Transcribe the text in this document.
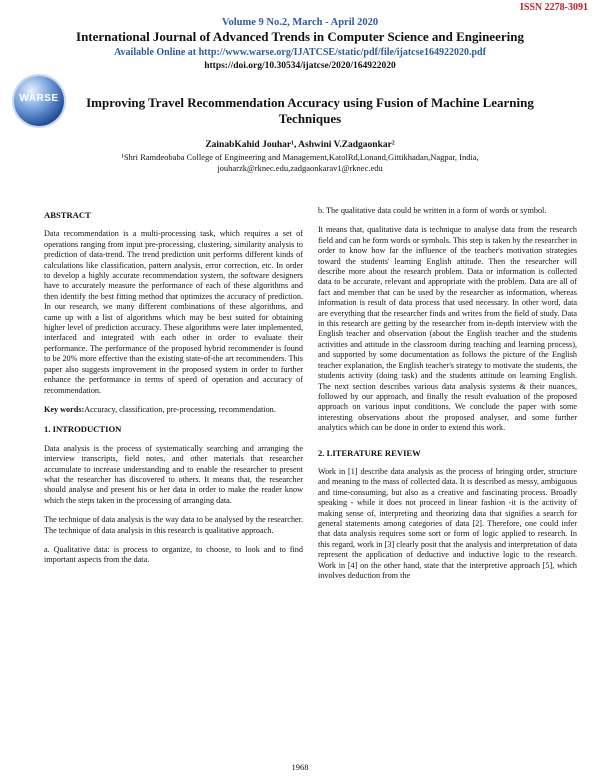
ISSN 2278-3091
Volume 9 No.2, March - April 2020
International Journal of Advanced Trends in Computer Science and Engineering
Available Online at http://www.warse.org/IJATCSE/static/pdf/file/ijatcse164922020.pdf
https://doi.org/10.30534/ijatcse/2020/164922020
WARSE	Improving Travel Recommendation Accuracy using Fusion of Machine Learning Techniques
ZainabKahid Jouhar¹, Ashwini V.Zadgaonkar²
¹Shri Ramdeobaba College of Engineering and Management,KatolRd,Lonand,Gittikhadan,Nagpar, India,
jouharzk@rknec.edu,zadgaonkarav1@rknec.edu
ABSTRACT

Data recommendation is a multi-processing task, which requires a set of operations ranging from input pre-processing, clustering, similarity analysis to prediction of data-trend. The trend prediction unit performs different kinds of calculations like classification, pattern analysis, error correction, etc. In order to develop a highly accurate recommendation system, the software designers have to accurately measure the performance of each of these algorithms and then identify the best fitting method that optimizes the accuracy of prediction. In our research, we many different combinations of these algorithms, and came up with a list of algorithms which may be best suited for obtaining higher level of prediction accuracy. These algorithms were later implemented, interfaced and integrated with each other in order to evaluate their performance. The performance of the proposed hybrid recommender is found to be 20% more effective than the existing state-of-the art recommenders. This paper also suggests improvement in the proposed system in order to further enhance the performance in terms of speed of operation and accuracy of recommendation.

Key words:Accuracy, classification, pre-processing, recommendation.

1. INTRODUCTION

Data analysis is the process of systematically searching and arranging the interview transcripts, field notes, and other materials that researcher accumulate to increase understanding and to enable the researcher to present what the researcher has discovered to others. It means that, the researcher should analyse and present his or her data in order to make the reader know which the steps taken in the processing of arranging data.

The technique of data analysis is the way data to be analysed by the researcher. The technique of data analysis in this research is qualitative approach.

a. Qualitative data: is process to organize, to choose, to look and to find important aspects from the data.

b. The qualitative data could be written in a form of words or symbol.

It means that, qualitative data is technique to analyse data from the research field and can be form words or symbols. This step is taken by the researcher in order to know how far the influence of the teacher's motivation strategies toward the students' learning English attitude. Then the researcher will describe more about the research problem. Data or information is collected data to be accurate, relevant and appropriate with the problem. Data are all of fact and member that can be used by the researcher as information, whereas information is result of data process that used necessary. In other word, data are everything that the researcher finds and writes from the field of study. Data in this research are getting by the researcher from in-depth interview with the English teacher and observation (about the English teacher and the students activities and attitude in the classroom during teaching and learning process), and supported by some documentation as follows the picture of the English teacher explanation, the English teacher's strategy to motivate the students, the students activity (doing task) and the students attitude on learning English. The next section describes various data analysis systems & their nuances, followed by our approach, and finally the result evaluation of the proposed approach on various input conditions. We conclude the paper with some interesting observations about the proposed analyser, and some further analytics which can be done in order to extend this work.

2. LITERATURE REVIEW

Work in [1] describe data analysis as the process of bringing order, structure and meaning to the mass of collected data. It is described as messy, ambiguous and time-consuming, but also as a creative and fascinating process. Broadly speaking - while it does not proceed in linear fashion -it is the activity of making sense of, interpreting and theorizing data that signifies a search for general statements among categories of data [2]. Therefore, one could infer that data analysis requires some sort or form of logic applied to research. In this regard, work in [3] clearly posit that the analysis and interpretation of data represent the application of deductive and inductive logic to the research. Work in [4] on the other hand, state that the interpretive approach [5], which involves deduction from the

1968
